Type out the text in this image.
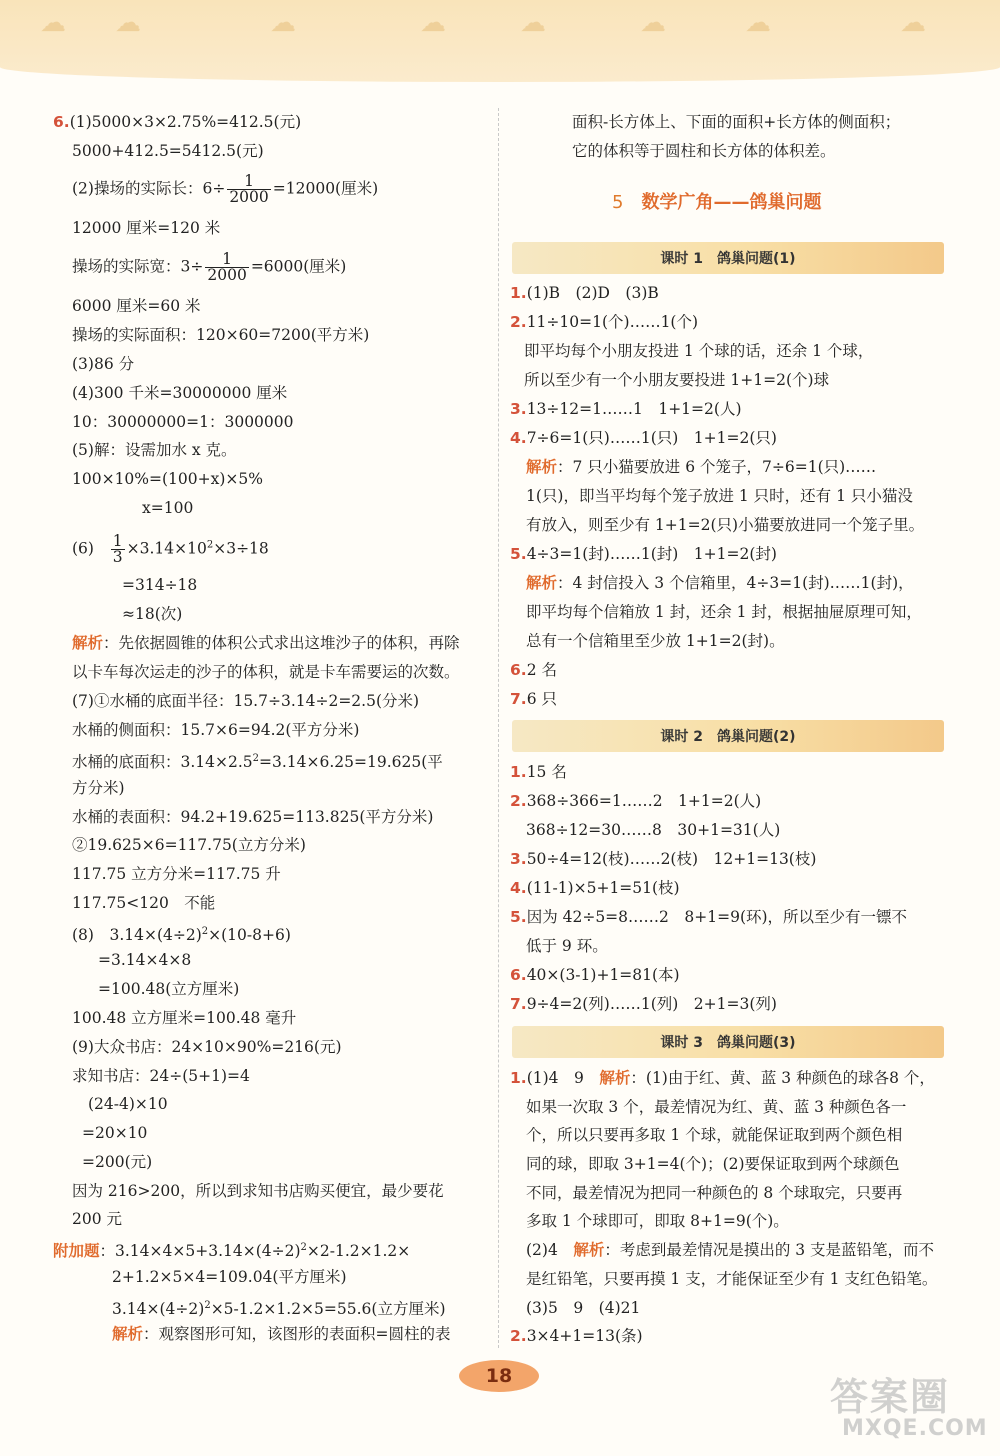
☁ ☁	☁	☁	☁	☁	☁	☁
6.(1)5000×3×2.75%=412.5(元)
5000+412.5=5412.5(元)
(2)操场的实际长：$6\div \frac{1}{2000} =12000$(厘米)
12000 厘米=120 米
操场的实际宽：$3\div \frac{1}{2000} =6000$(厘米)
6000 厘米=60 米
操场的实际面积：120×60=7200(平方米)
(3)86 分
(4)300 千米=30000000 厘米
10：30000000=1：3000000
(5)解：设需加水 x 克。
100×10%=(100+x)×5%
x=100
$(6) \frac{1}{3} \times 3.14\times 10^2\times 3\div 18$
=314÷18
≈18(次)
解析：先依据圆锥的体积公式求出这堆沙子的体积，再除
以卡车每次运走的沙子的体积，就是卡车需要运的次数。
(7)①水桶的底面半径：15.7÷3.14÷2=2.5(分米)
水桶的侧面积：15.7×6=94.2(平方分米)
水桶的底面积：$3.14\times 2.5^2=3.14\times 6.25=19.625$(平
方分米)
水桶的表面积：94.2+19.625=113.825(平方分米)
②19.625×6=117.75(立方分米)
117.75 立方分米=117.75 升
117.75<120　不能
(8)　$3.14\times(4\div 2)^2\times(10-8+6)$
=3.14×4×8
=100.48(立方厘米)
100.48 立方厘米=100.48 毫升
(9)大众书店：24×10×90%=216(元)
求知书店：24÷(5+1)=4
(24-4)×10
=20×10
=200(元)
因为 216>200，所以到求知书店购买便宜，最少要花
200 元
附加题：$3.14\times 4\times 5+3.14\times(4\div 2)^2\times 2-1.2\times 1.2\times$
2+1.2×5×4=109.04(平方厘米)
$3.14\times(4\div 2)^2\times 5-1.2\times 1.2\times 5=55.6$(立方厘米)
解析：观察图形可知，该图形的表面积=圆柱的表
面积-长方体上、下面的面积+长方体的侧面积；
它的体积等于圆柱和长方体的体积差。
5 数学广角——鸽巢问题
课时 1 鸽巢问题(1)
1.(1)B　(2)D　(3)B
2.11÷10=1(个)……1(个)
即平均每个小朋友投进 1 个球的话，还余 1 个球，
所以至少有一个小朋友要投进 1+1=2(个)球
3.13÷12=1……1　1+1=2(人)
4.7÷6=1(只)……1(只)　1+1=2(只)
解析：7 只小猫要放进 6 个笼子，7÷6=1(只)……
1(只)，即当平均每个笼子放进 1 只时，还有 1 只小猫没
有放入，则至少有 1+1=2(只)小猫要放进同一个笼子里。
5.4÷3=1(封)……1(封)　1+1=2(封)
解析：4 封信投入 3 个信箱里，4÷3=1(封)……1(封)，
即平均每个信箱放 1 封，还余 1 封，根据抽屉原理可知，
总有一个信箱里至少放 1+1=2(封)。
6.2 名
7.6 只
课时 2 鸽巢问题(2)
1.15 名
2.368÷366=1……2　1+1=2(人)
368÷12=30……8　30+1=31(人)
3.50÷4=12(枝)……2(枝)　12+1=13(枝)
4.(11-1)×5+1=51(枝)
5.因为 42÷5=8……2　8+1=9(环)，所以至少有一镖不
低于 9 环。
6.40×(3-1)+1=81(本)
7.9÷4=2(列)……1(列)　2+1=3(列)
课时 3 鸽巢问题(3)
1.(1)4　9　解析：(1)由于红、黄、蓝 3 种颜色的球各8 个，
如果一次取 3 个，最差情况为红、黄、蓝 3 种颜色各一
个，所以只要再多取 1 个球，就能保证取到两个颜色相
同的球，即取 3+1=4(个)；(2)要保证取到两个球颜色
不同，最差情况为把同一种颜色的 8 个球取完，只要再
多取 1 个球即可，即取 8+1=9(个)。
(2)4　解析：考虑到最差情况是摸出的 3 支是蓝铅笔，而不
是红铅笔，只要再摸 1 支，才能保证至少有 1 支红色铅笔。
(3)5　9　(4)21
2.3×4+1=13(条)
18	答案圈
MXQE.COM
